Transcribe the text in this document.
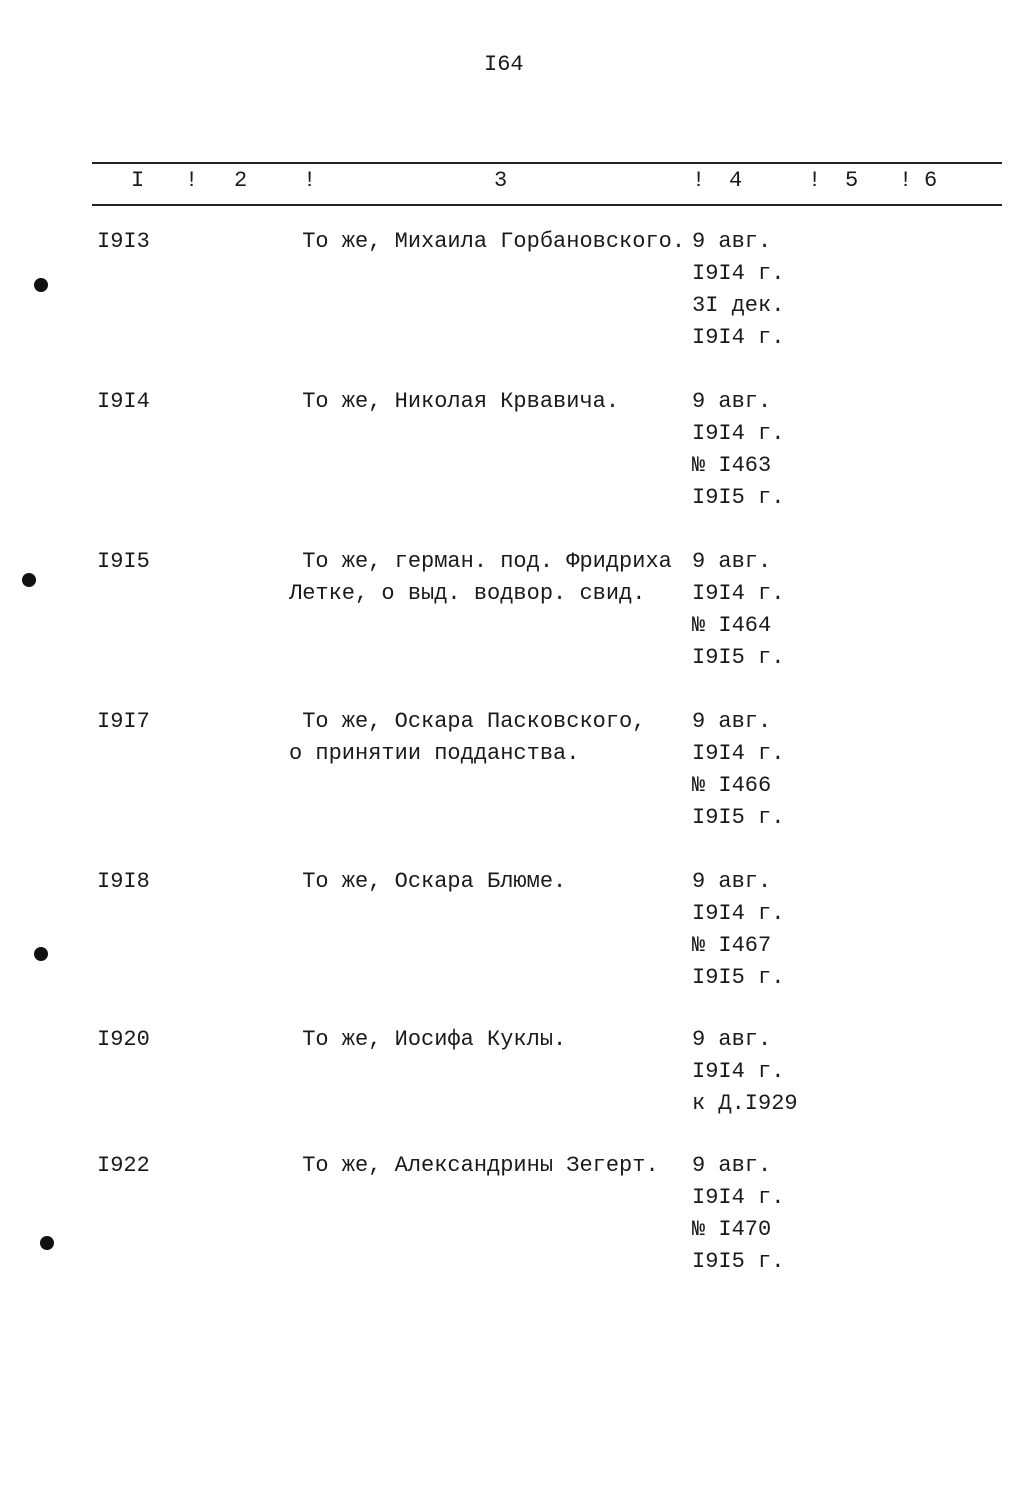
I64
I ! 2	!	3	! 4	! 5 ! 6
I9I3	То же, Михаила Горбановского. 9 авг.
I9I4 г.
3I дек.
I9I4 г.
I9I4	То же, Николая Крвавича.	9 авг.
I9I4 г.
№ I463
I9I5 г.
I9I5	То же, герман. под. Фридриха
Летке, о выд. водвор. свид.
9 авг.
I9I4 г.
№ I464
I9I5 г.
I9I7	То же, Оскара Пасковского,
о принятии подданства.
9 авг.
I9I4 г.
№ I466
I9I5 г.
I9I8	То же, Оскара Блюме.	9 авг.
I9I4 г.
№ I467
I9I5 г.
I920	То же, Иосифа Куклы.	9 авг.
I9I4 г.
к Д.I929
I922	То же, Александрины Зегерт. 9 авг.
I9I4 г.
№ I470
I9I5 г.
